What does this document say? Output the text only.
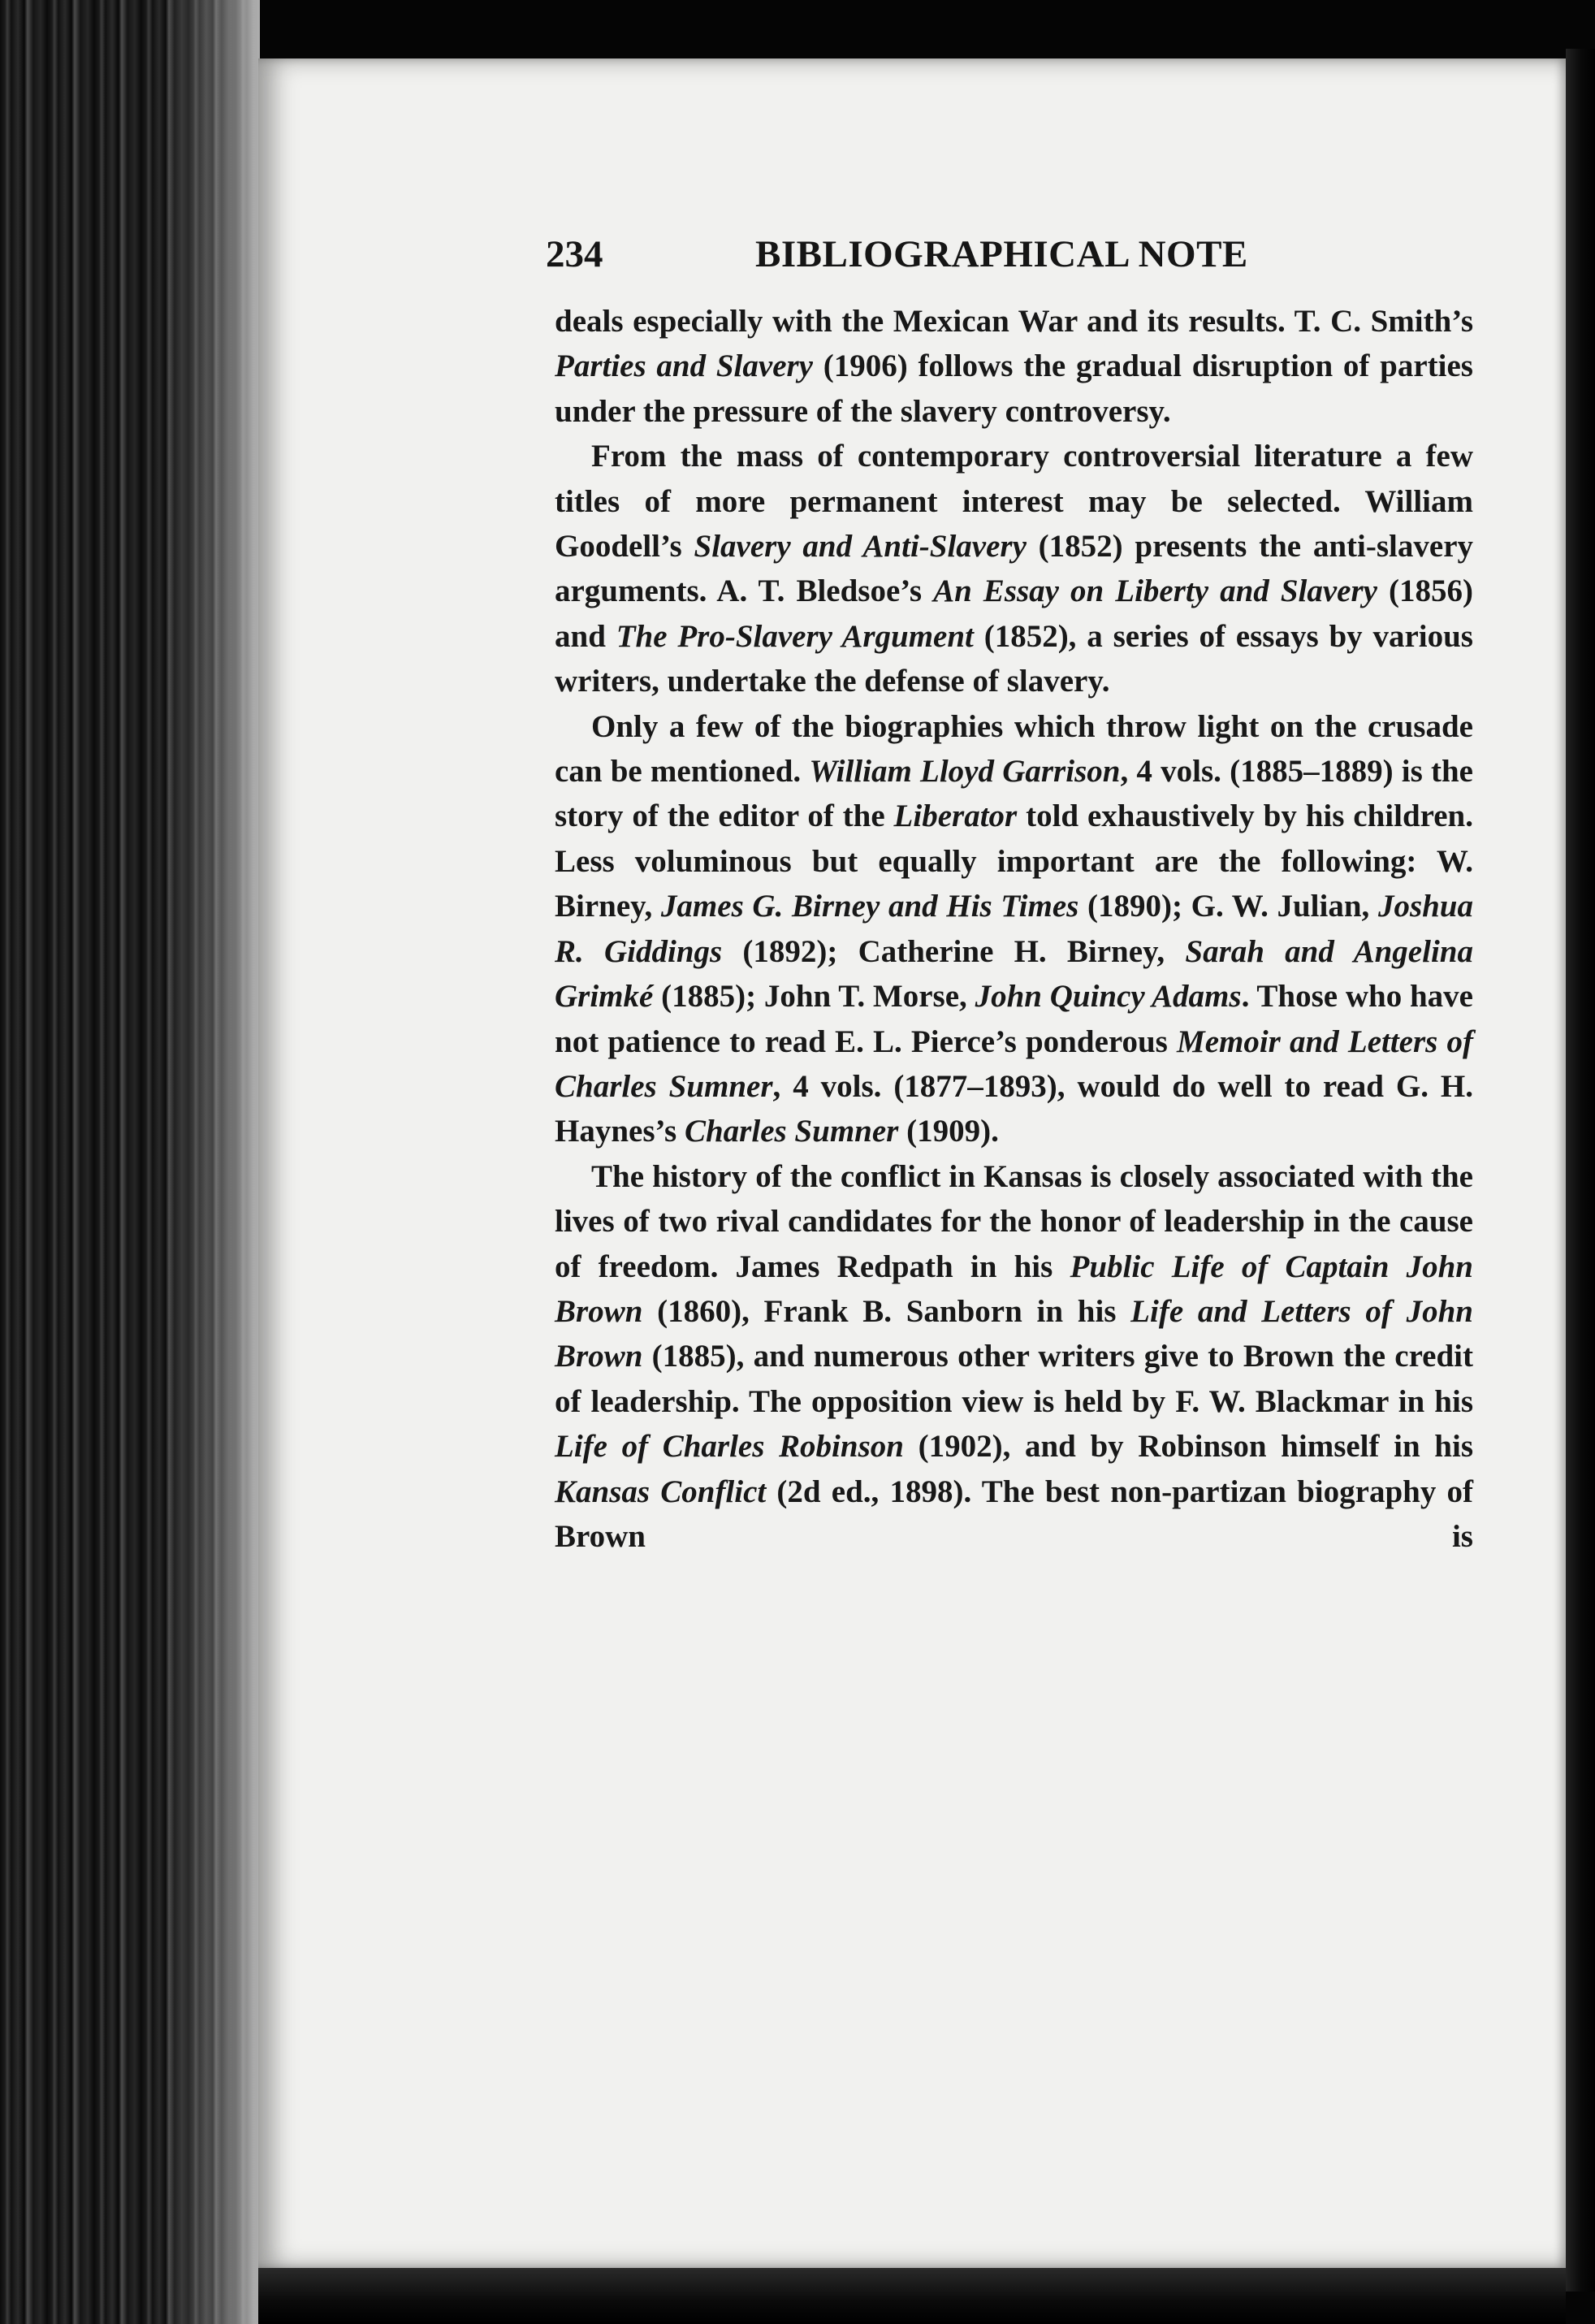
234	BIBLIOGRAPHICAL NOTE

deals especially with the Mexican War and its results. T. C. Smith’s Parties and Slavery (1906) follows the gradual disruption of parties under the pressure of the slavery controversy.

From the mass of contemporary controversial literature a few titles of more permanent interest may be selected. William Goodell’s Slavery and Anti-Slavery (1852) presents the anti-slavery arguments. A. T. Bledsoe’s An Essay on Liberty and Slavery (1856) and The Pro-Slavery Argument (1852), a series of essays by various writers, undertake the defense of slavery.

Only a few of the biographies which throw light on the crusade can be mentioned. William Lloyd Garrison, 4 vols. (1885–1889) is the story of the editor of the Liberator told exhaustively by his children. Less voluminous but equally important are the following: W. Birney, James G. Birney and His Times (1890); G. W. Julian, Joshua R. Giddings (1892); Catherine H. Birney, Sarah and Angelina Grimké (1885); John T. Morse, John Quincy Adams. Those who have not patience to read E. L. Pierce’s ponderous Memoir and Letters of Charles Sumner, 4 vols. (1877–1893), would do well to read G. H. Haynes’s Charles Sumner (1909).

The history of the conflict in Kansas is closely associated with the lives of two rival candidates for the honor of leadership in the cause of freedom. James Redpath in his Public Life of Captain John Brown (1860), Frank B. Sanborn in his Life and Letters of John Brown (1885), and numerous other writers give to Brown the credit of leadership. The opposition view is held by F. W. Blackmar in his Life of Charles Robinson (1902), and by Robinson himself in his Kansas Conflict (2d ed., 1898). The best non-partizan biography of Brown is
